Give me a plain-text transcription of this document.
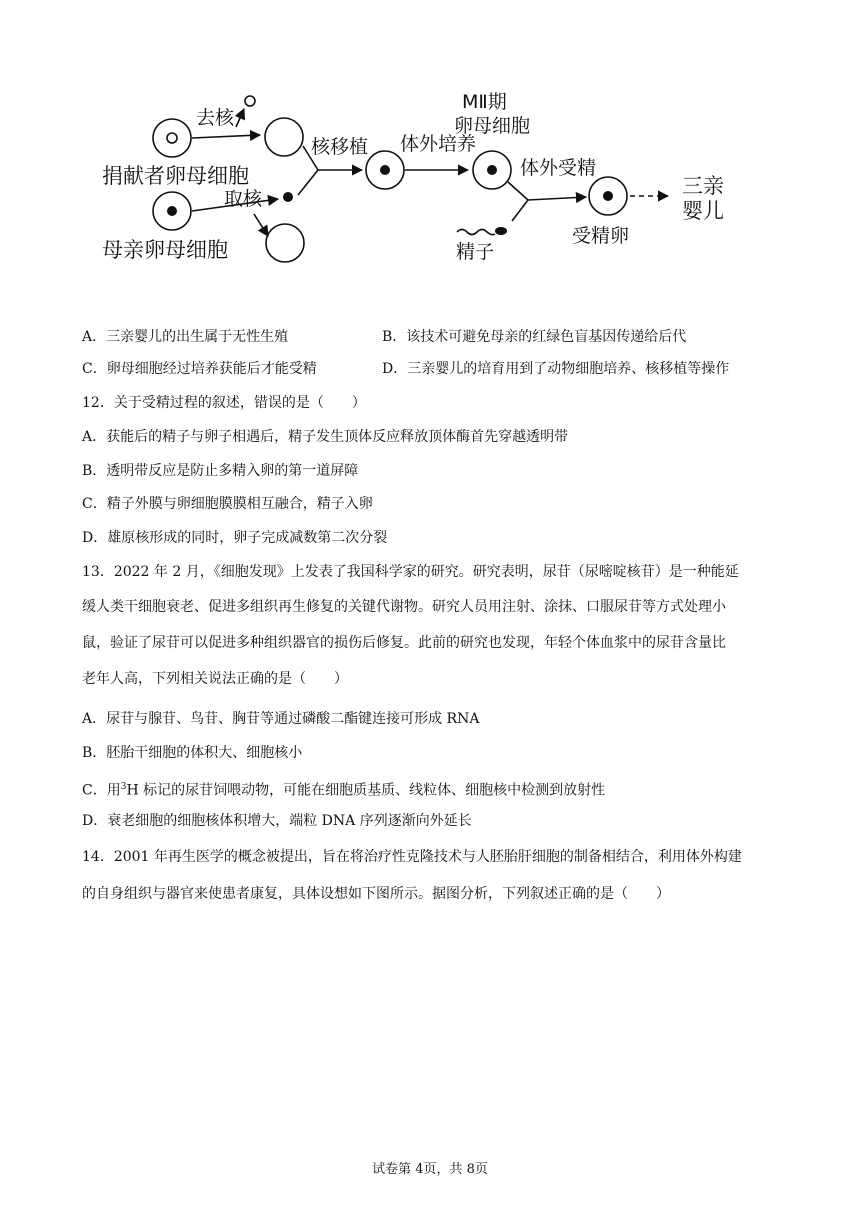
去核
取核
捐献者卵母细胞
母亲卵母细胞
核移植 体外培养
MⅡ期
卵母细胞
体外受精
精子
受精卵
三亲
婴儿
A．三亲婴儿的出生属于无性生殖	B．该技术可避免母亲的红绿色盲基因传递给后代
C．卵母细胞经过培养获能后才能受精	D．三亲婴儿的培育用到了动物细胞培养、核移植等操作
12．关于受精过程的叙述，错误的是（　　）
A．获能后的精子与卵子相遇后，精子发生顶体反应释放顶体酶首先穿越透明带
B．透明带反应是防止多精入卵的第一道屏障
C．精子外膜与卵细胞膜膜相互融合，精子入卵
D．雄原核形成的同时，卵子完成减数第二次分裂
13．2022 年 2 月，《细胞发现》上发表了我国科学家的研究。研究表明，尿苷（尿嘧啶核苷）是一种能延
缓人类干细胞衰老、促进多组织再生修复的关键代谢物。研究人员用注射、涂抹、口服尿苷等方式处理小
鼠，验证了尿苷可以促进多种组织器官的损伤后修复。此前的研究也发现，年轻个体血浆中的尿苷含量比
老年人高，下列相关说法正确的是（　　）
A．尿苷与腺苷、鸟苷、胸苷等通过磷酸二酯键连接可形成 RNA
B．胚胎干细胞的体积大、细胞核小
C．用$^3$H 标记的尿苷饲喂动物，可能在细胞质基质、线粒体、细胞核中检测到放射性
D．衰老细胞的细胞核体积增大，端粒 DNA 序列逐渐向外延长
14．2001 年再生医学的概念被提出，旨在将治疗性克隆技术与人胚胎肝细胞的制备相结合，利用体外构建
的自身组织与器官来使患者康复，具体设想如下图所示。据图分析，下列叙述正确的是（　　）
试卷第 4页，共 8页
